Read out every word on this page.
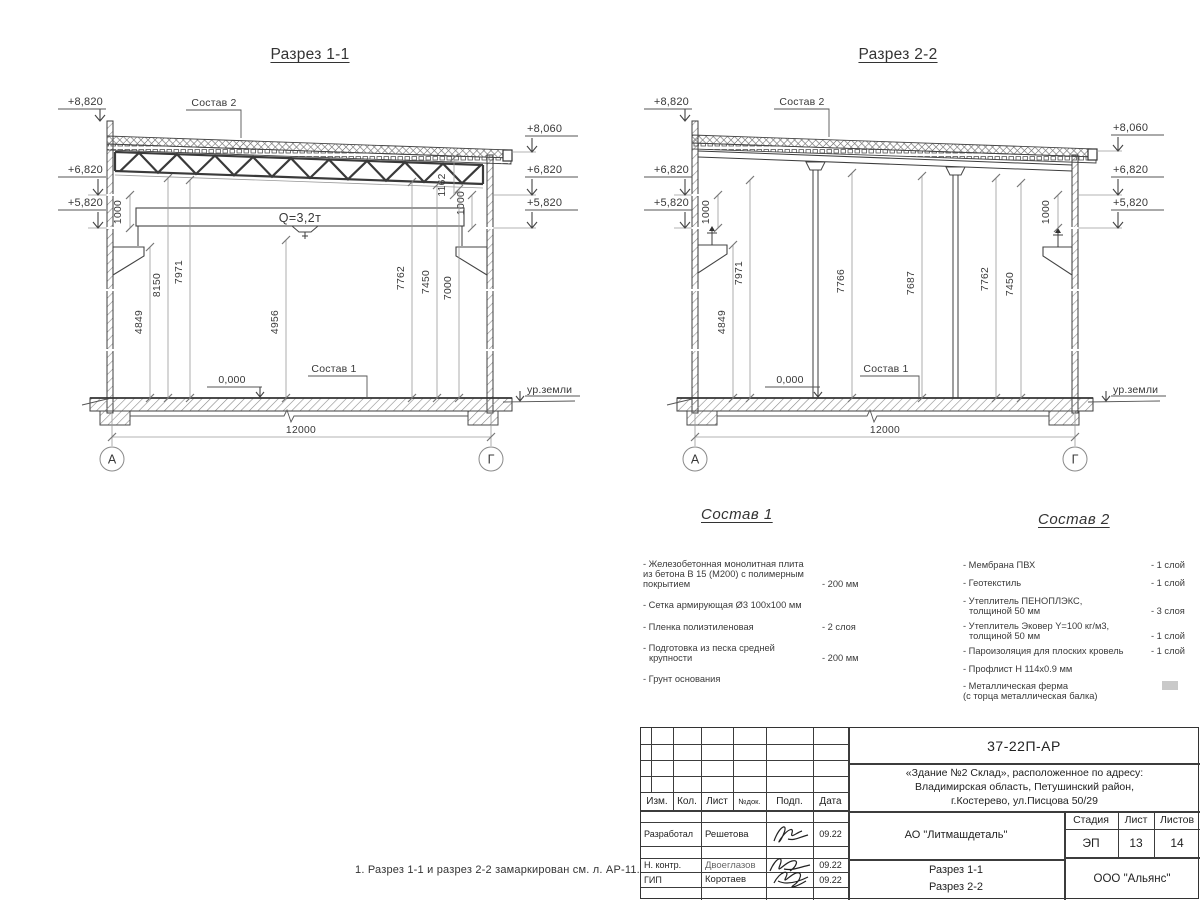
Разрез 1-1	Разрез 2-2
Q=3,2т
+8,820
+6,820
+5,820
+8,060
+6,820
+5,820
1000
1162
1000
4849
8150
7971
4956
7762 7450 7000
Состав 2
Состав 1
0,000
ур.земли
12000
А	Г
+8,820
+6,820
+5,820
+8,060
+6,820
+5,820
1000	1000
4849
7971	7766	7687	7762 7450
Состав 2
Состав 1
0,000
ур.земли
12000
А	Г
Состав 1
- Железобетонная монолитная плита
из бетона В 15 (М200) с полимерным
покрытием	- 200 мм
- Сетка армирующая Ø3 100х100 мм
- Пленка полиэтиленовая	- 2 слоя
- Подготовка из песка средней
крупности	- 200 мм
- Грунт основания
Состав 2
- Мембрана ПВХ	- 1 слой
- Геотекстиль	- 1 слой
- Утеплитель ПЕНОПЛЭКС,
толщиной 50 мм	- 3 слоя
- Утеплитель Эковер Y=100 кг/м3,
толщиной 50 мм	- 1 слой
- Пароизоляция для плоских кровель	- 1 слой
- Профлист Н 114х0.9 мм
- Металлическая ферма
(с торца металлическая балка)
1. Разрез 1-1 и разрез 2-2 замаркирован см. л. АР-11.
Изм. Кол. Лист	№док.	Подп.	Дата
Разработал	Решетова	09.22
Н. контр.	Двоеглазов	09.22
ГИП	Коротаев	09.22
37-22П-АР
«Здание №2 Склад», расположенное по адресу:
Владимирская область, Петушинский район,
г.Костерево, ул.Писцова 50/29
АО "Литмашдеталь"
Разрез 1-1
Разрез 2-2
Стадия	Лист	Листов
ЭП	13	14
ООО "Альянс"
